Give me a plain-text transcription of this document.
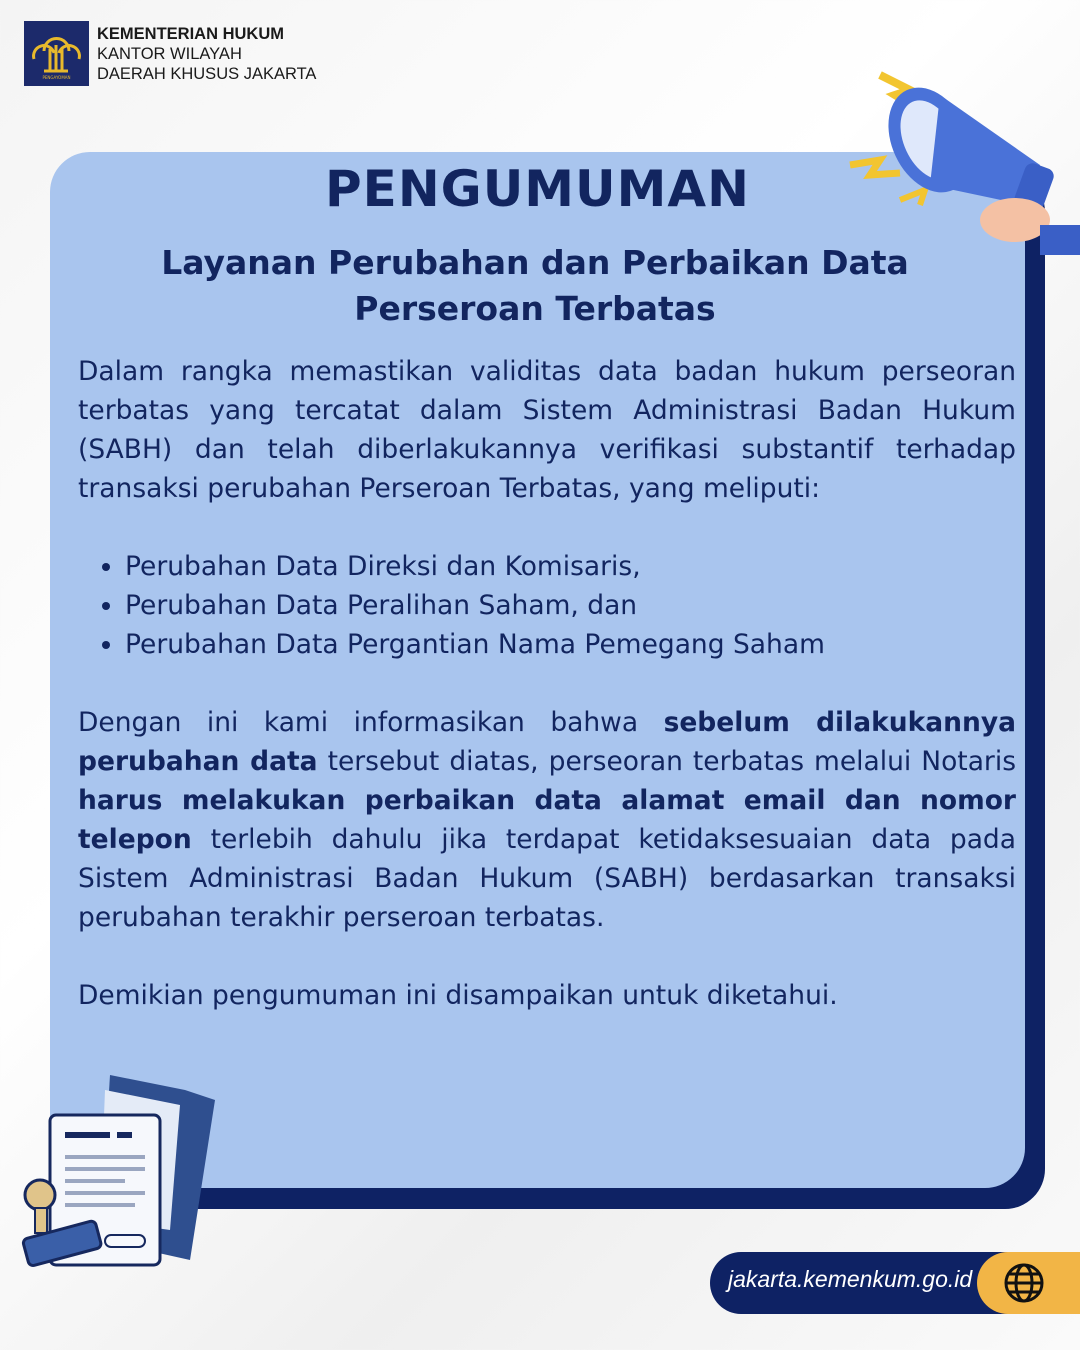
PENGAYOMAN
KEMENTERIAN HUKUM
KANTOR WILAYAH
DAERAH KHUSUS JAKARTA
PENGUMUMAN
Layanan Perubahan dan Perbaikan Data Perseroan Terbatas

Dalam rangka memastikan validitas data badan hukum perseoran terbatas yang tercatat dalam Sistem Administrasi Badan Hukum (SABH) dan telah diberlakukannya verifikasi substantif terhadap transaksi perubahan Perseroan Terbatas, yang meliputi:

• Perubahan Data Direksi dan Komisaris,
• Perubahan Data Peralihan Saham, dan
• Perubahan Data Pergantian Nama Pemegang Saham

Dengan ini kami informasikan bahwa sebelum dilakukannya perubahan data tersebut diatas, perseoran terbatas melalui Notaris harus melakukan perbaikan data alamat email dan nomor telepon terlebih dahulu jika terdapat ketidaksesuaian data pada Sistem Administrasi Badan Hukum (SABH) berdasarkan transaksi perubahan terakhir perseroan terbatas.

Demikian pengumuman ini disampaikan untuk diketahui.

jakarta.kemenkum.go.id
